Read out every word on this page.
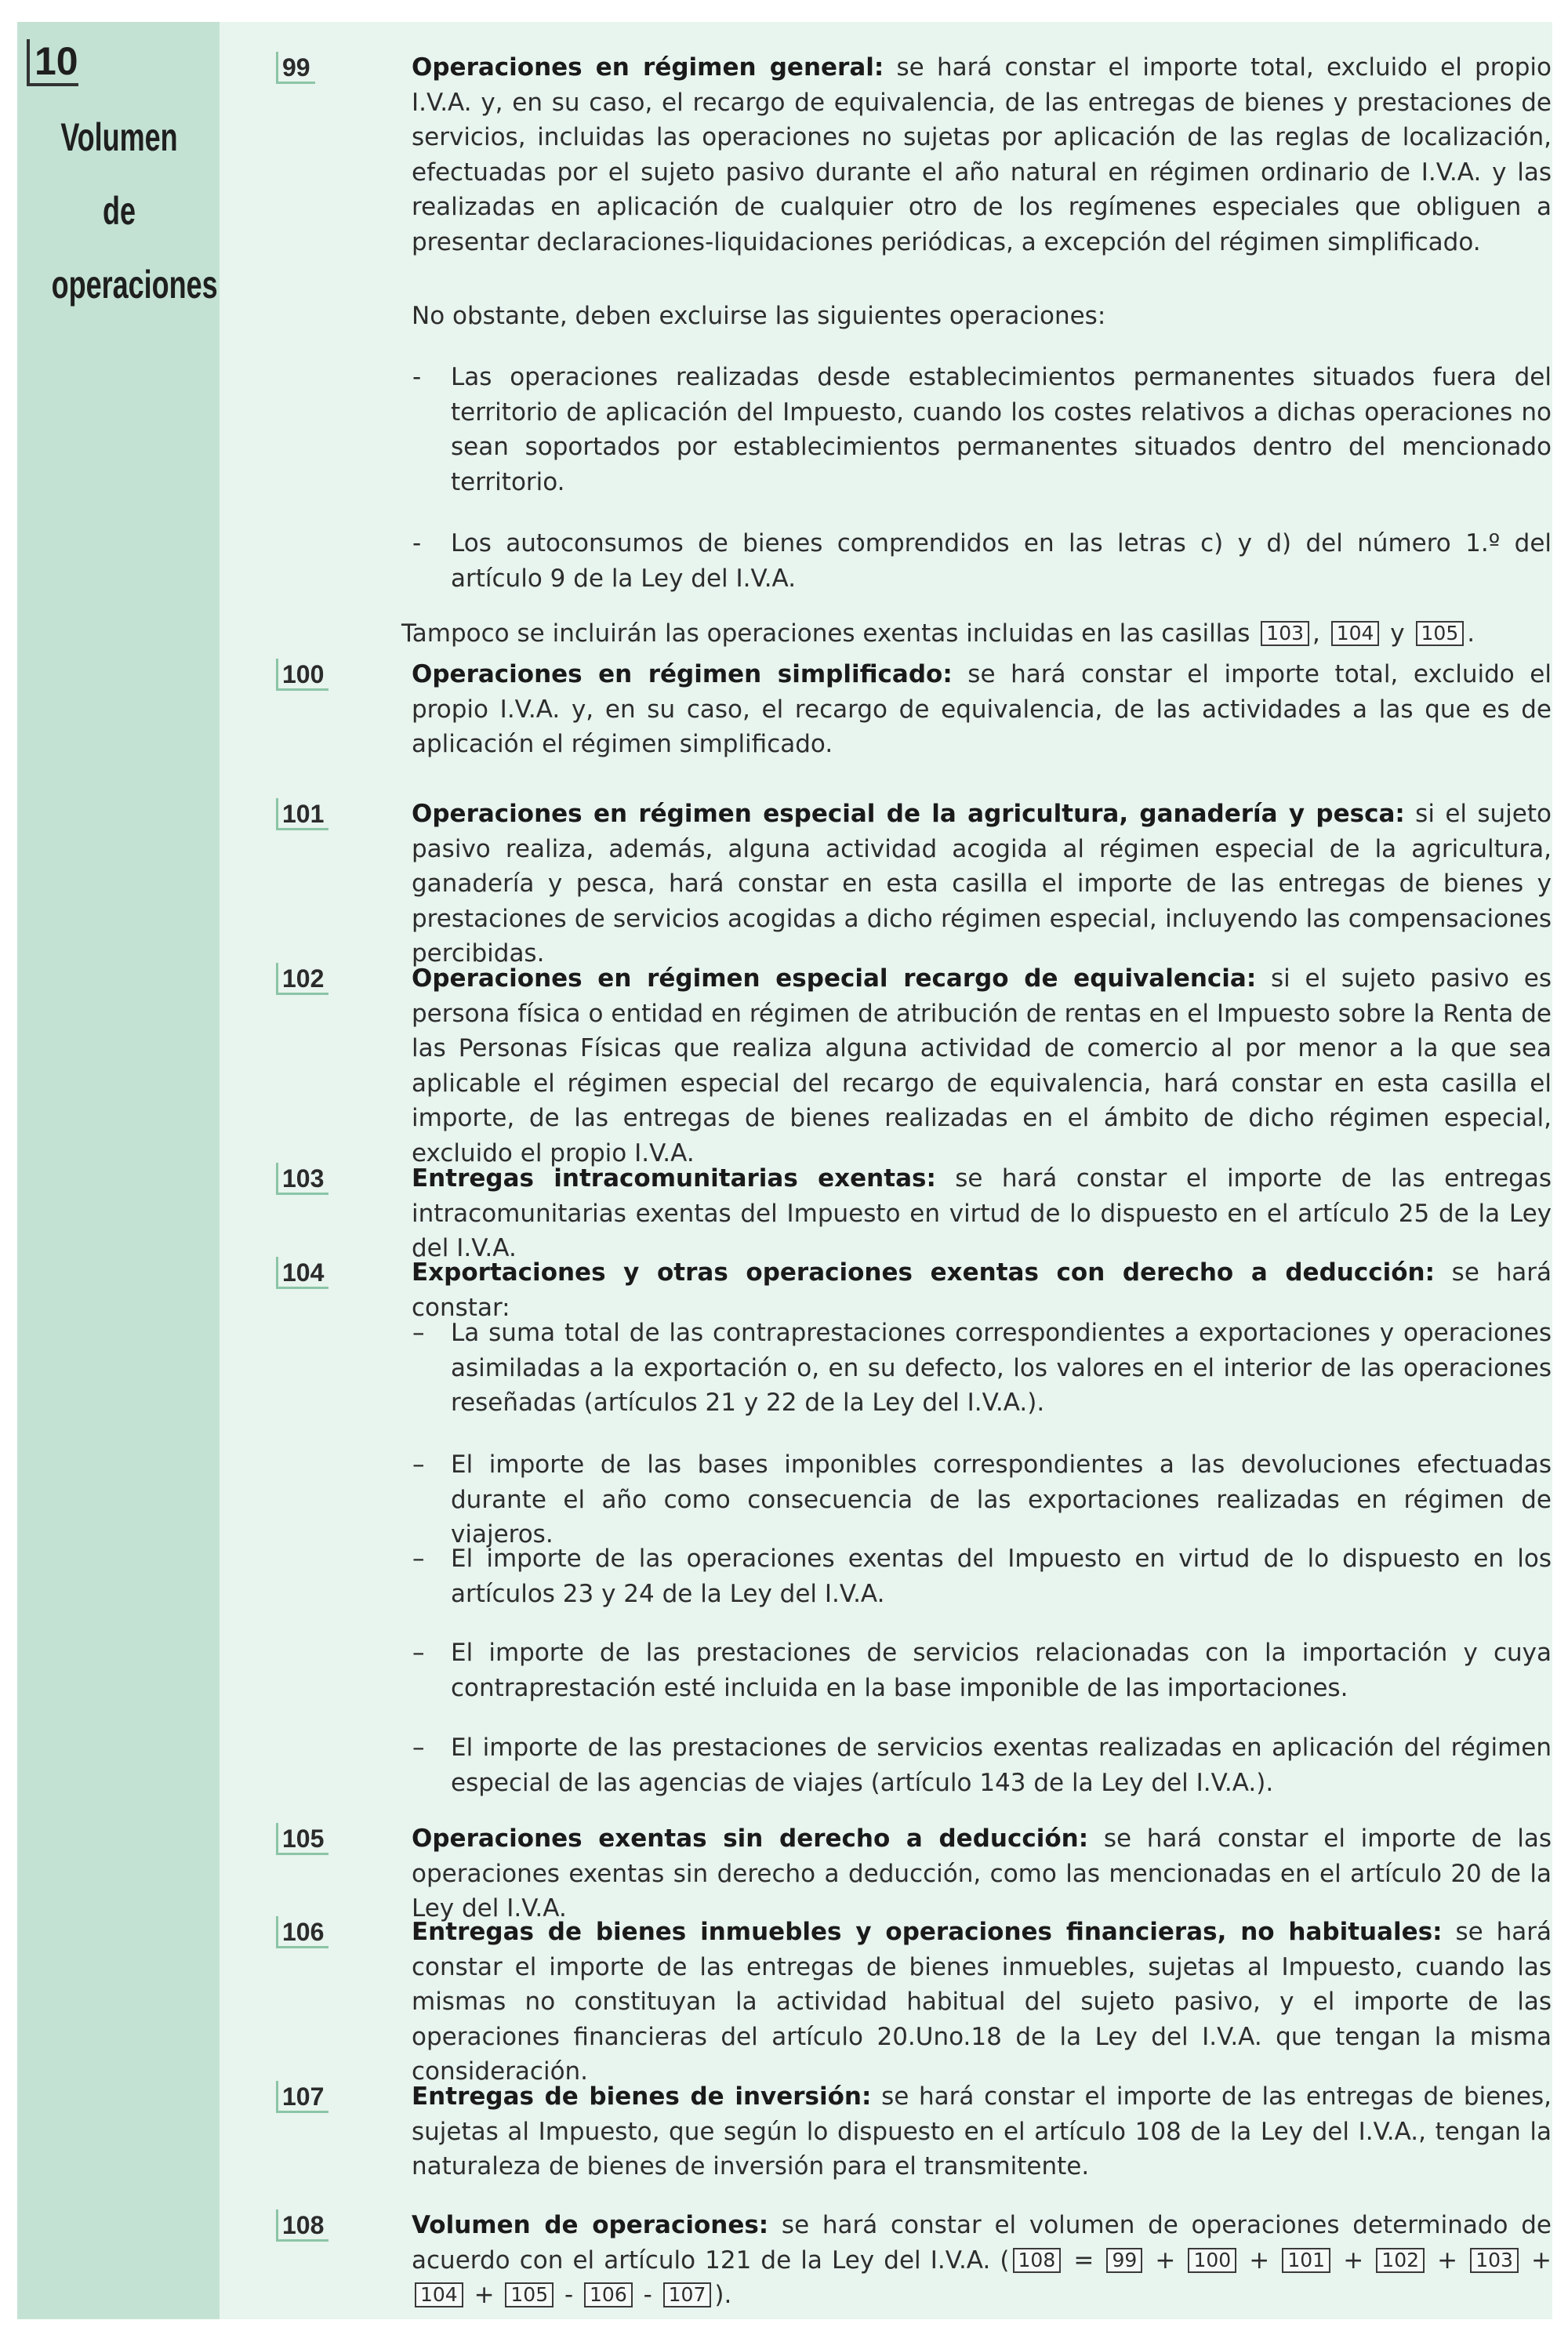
10
Volumen de
operaciones
99	Operaciones en régimen general: se hará constar el importe total, excluido el propio I.V.A. y, en su caso, el recargo de equivalencia, de las entregas de bienes y prestaciones de servicios, incluidas las operaciones no sujetas por aplicación de las reglas de localización, efectuadas por el sujeto pasivo durante el año natural en régimen ordinario de I.V.A. y las realizadas en aplicación de cualquier otro de los regímenes especiales que obliguen a presentar declaraciones-liquidaciones periódicas, a excepción del régimen simplificado.
No obstante, deben excluirse las siguientes operaciones:
-	Las operaciones realizadas desde establecimientos permanentes situados fuera del territorio de aplicación del Impuesto, cuando los costes relativos a dichas operaciones no sean soportados por establecimientos permanentes situados dentro del mencionado territorio.
-	Los autoconsumos de bienes comprendidos en las letras c) y d) del número 1.º del artículo 9 de la Ley del I.V.A.
Tampoco se incluirán las operaciones exentas incluidas en las casillas 103 , 104 y 105 .
100	Operaciones en régimen simplificado: se hará constar el importe total, excluido el propio I.V.A. y, en su caso, el recargo de equivalencia, de las actividades a las que es de aplicación el régimen simplificado.
101	Operaciones en régimen especial de la agricultura, ganadería y pesca: si el sujeto pasivo realiza, además, alguna actividad acogida al régimen especial de la agricultura, ganadería y pesca, hará constar en esta casilla el importe de las entregas de bienes y prestaciones de servicios acogidas a dicho régimen especial, incluyendo las compensaciones percibidas.
102	Operaciones en régimen especial recargo de equivalencia: si el sujeto pasivo es persona física o entidad en régimen de atribución de rentas en el Impuesto sobre la Renta de las Personas Físicas que realiza alguna actividad de comercio al por menor a la que sea aplicable el régimen especial del recargo de equivalencia, hará constar en esta casilla el importe, de las entregas de bienes realizadas en el ámbito de dicho régimen especial, excluido el propio I.V.A.
103	Entregas intracomunitarias exentas: se hará constar el importe de las entregas intracomunitarias exentas del Impuesto en virtud de lo dispuesto en el artículo 25 de la Ley del I.V.A.
104	Exportaciones y otras operaciones exentas con derecho a deducción: se hará constar:
–	La suma total de las contraprestaciones correspondientes a exportaciones y operaciones asimiladas a la exportación o, en su defecto, los valores en el interior de las operaciones reseñadas (artículos 21 y 22 de la Ley del I.V.A.).
–	El importe de las bases imponibles correspondientes a las devoluciones efectuadas durante el año como consecuencia de las exportaciones realizadas en régimen de viajeros.
–	El importe de las operaciones exentas del Impuesto en virtud de lo dispuesto en los artículos 23 y 24 de la Ley del I.V.A.
–	El importe de las prestaciones de servicios relacionadas con la importación y cuya contraprestación esté incluida en la base imponible de las importaciones.
–	El importe de las prestaciones de servicios exentas realizadas en aplicación del régimen especial de las agencias de viajes (artículo 143 de la Ley del I.V.A.).
105	Operaciones exentas sin derecho a deducción: se hará constar el importe de las operaciones exentas sin derecho a deducción, como las mencionadas en el artículo 20 de la Ley del I.V.A.
106	Entregas de bienes inmuebles y operaciones financieras, no habituales: se hará constar el importe de las entregas de bienes inmuebles, sujetas al Impuesto, cuando las mismas no constituyan la actividad habitual del sujeto pasivo, y el importe de las operaciones financieras del artículo 20.Uno.18 de la Ley del I.V.A. que tengan la misma consideración.
107	Entregas de bienes de inversión: se hará constar el importe de las entregas de bienes, sujetas al Impuesto, que según lo dispuesto en el artículo 108 de la Ley del I.V.A., tengan la naturaleza de bienes de inversión para el transmitente.
108	Volumen de operaciones: se hará constar el volumen de operaciones determinado de acuerdo con el artículo 121 de la Ley del I.V.A. ( 108 = 99 + 100 + 101 + 102 + 103 + 104 + 105 - 106 - 107 ).
